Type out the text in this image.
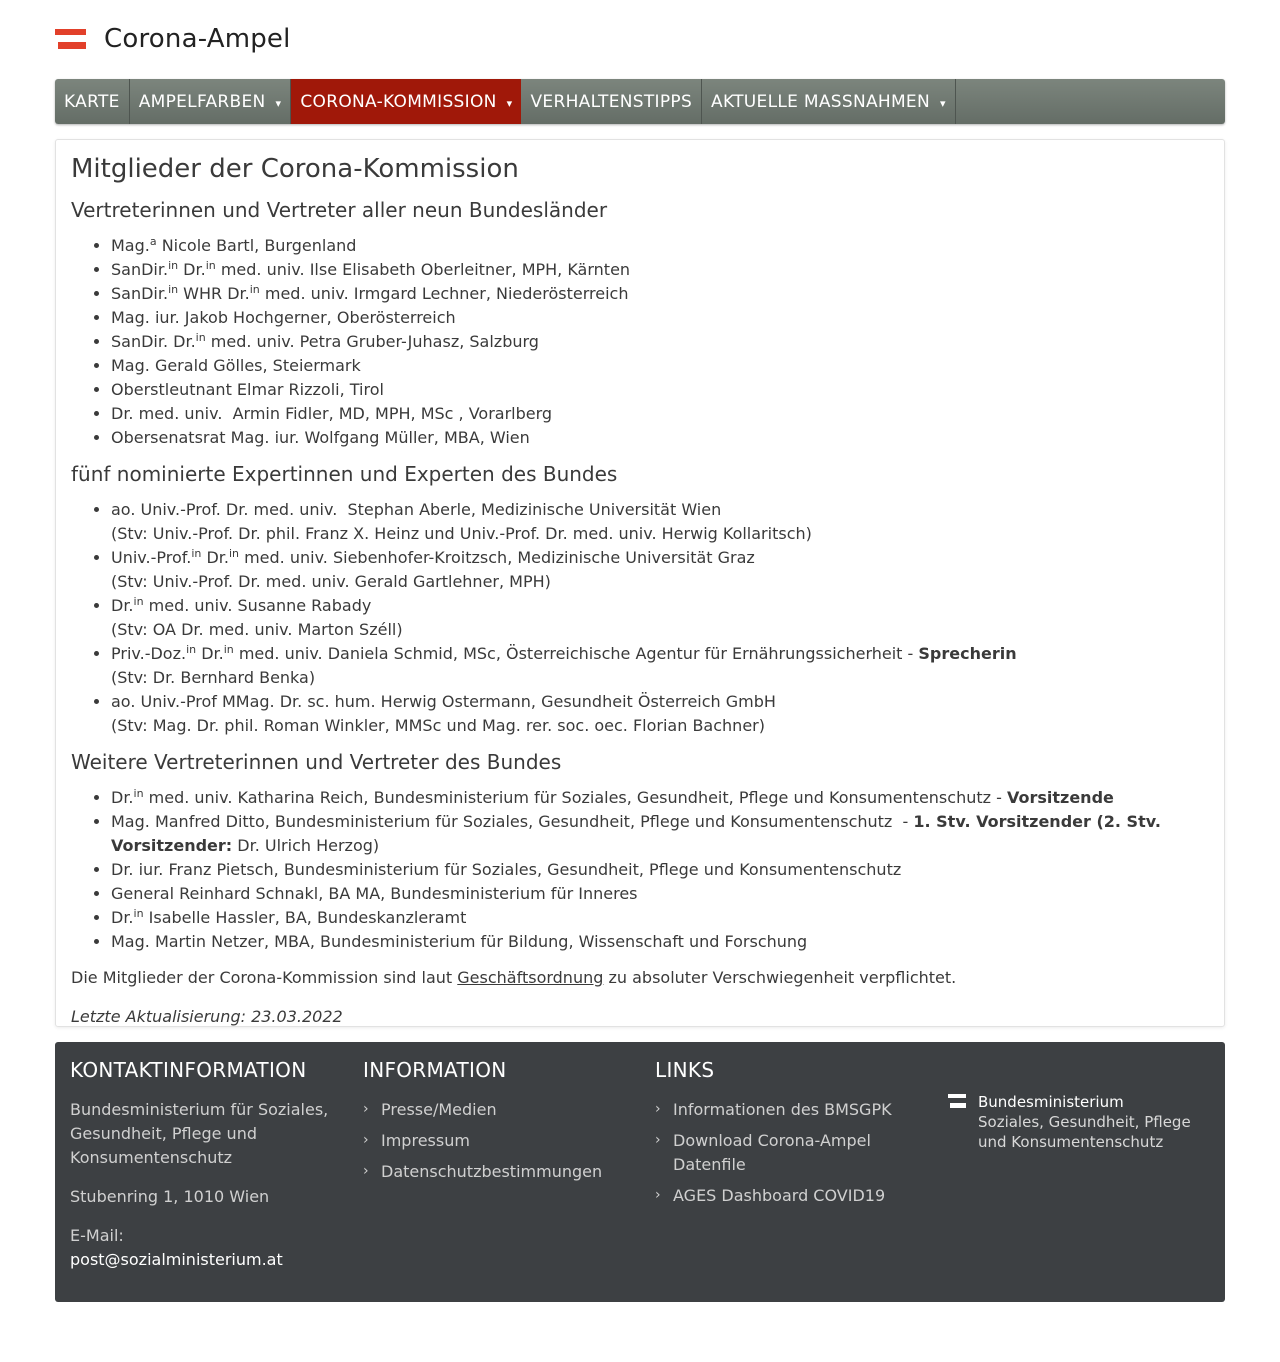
Corona-Ampel
KARTE AMPELFARBEN ▾ CORONA-KOMMISSION ▾ VERHALTENSTIPPS AKTUELLE MASSNAHMEN ▾
Mitglieder der Corona-Kommission
Vertreterinnen und Vertreter aller neun Bundesländer
• Mag.$^a$ Nicole Bartl, Burgenland
• SanDir.$^{in}$ Dr.$^{in}$ med. univ. Ilse Elisabeth Oberleitner, MPH, Kärnten
• SanDir.$^{in}$ WHR Dr.$^{in}$ med. univ. Irmgard Lechner, Niederösterreich
• Mag. iur. Jakob Hochgerner, Oberösterreich
• SanDir. Dr.$^{in}$ med. univ. Petra Gruber-Juhasz, Salzburg
• Mag. Gerald Gölles, Steiermark
• Oberstleutnant Elmar Rizzoli, Tirol
• Dr. med. univ.  Armin Fidler, MD, MPH, MSc , Vorarlberg
• Obersenatsrat Mag. iur. Wolfgang Müller, MBA, Wien
fünf nominierte Expertinnen und Experten des Bundes
• ao. Univ.-Prof. Dr. med. univ.  Stephan Aberle, Medizinische Universität Wien
(Stv: Univ.-Prof. Dr. phil. Franz X. Heinz und Univ.-Prof. Dr. med. univ. Herwig Kollaritsch)
• Univ.-Prof.$^{in}$ Dr.$^{in}$ med. univ. Siebenhofer-Kroitzsch, Medizinische Universität Graz
(Stv: Univ.-Prof. Dr. med. univ. Gerald Gartlehner, MPH)
• Dr.$^{in}$ med. univ. Susanne Rabady
(Stv: OA Dr. med. univ. Marton Széll)
• Priv.-Doz.$^{in}$ Dr.$^{in}$ med. univ. Daniela Schmid, MSc, Österreichische Agentur für Ernährungssicherheit - Sprecherin
(Stv: Dr. Bernhard Benka)
• ao. Univ.-Prof MMag. Dr. sc. hum. Herwig Ostermann, Gesundheit Österreich GmbH
(Stv: Mag. Dr. phil. Roman Winkler, MMSc und Mag. rer. soc. oec. Florian Bachner)
Weitere Vertreterinnen und Vertreter des Bundes
• Dr.$^{in}$ med. univ. Katharina Reich, Bundesministerium für Soziales, Gesundheit, Pflege und Konsumentenschutz - Vorsitzende
• Mag. Manfred Ditto, Bundesministerium für Soziales, Gesundheit, Pflege und Konsumentenschutz  - 1. Stv. Vorsitzender (2. Stv. Vorsitzender: Dr. Ulrich Herzog)
• Dr. iur. Franz Pietsch, Bundesministerium für Soziales, Gesundheit, Pflege und Konsumentenschutz
• General Reinhard Schnakl, BA MA, Bundesministerium für Inneres
• Dr.$^{in}$ Isabelle Hassler, BA, Bundeskanzleramt
• Mag. Martin Netzer, MBA, Bundesministerium für Bildung, Wissenschaft und Forschung

Die Mitglieder der Corona-Kommission sind laut Geschäftsordnung zu absoluter Verschwiegenheit verpflichtet.

Letzte Aktualisierung: 23.03.2022

KONTAKTINFORMATION

Bundesministerium für Soziales, Gesundheit, Pflege und Konsumentenschutz

Stubenring 1, 1010 Wien

E-Mail:

post@sozialministerium.at

INFORMATION
› Presse/Medien
› Impressum
› Datenschutzbestimmungen
LINKS
› Informationen des BMSGPK
› Download Corona-Ampel Datenfile
› AGES Dashboard COVID19
Bundesministerium
Soziales, Gesundheit, Pflege
und Konsumentenschutz
